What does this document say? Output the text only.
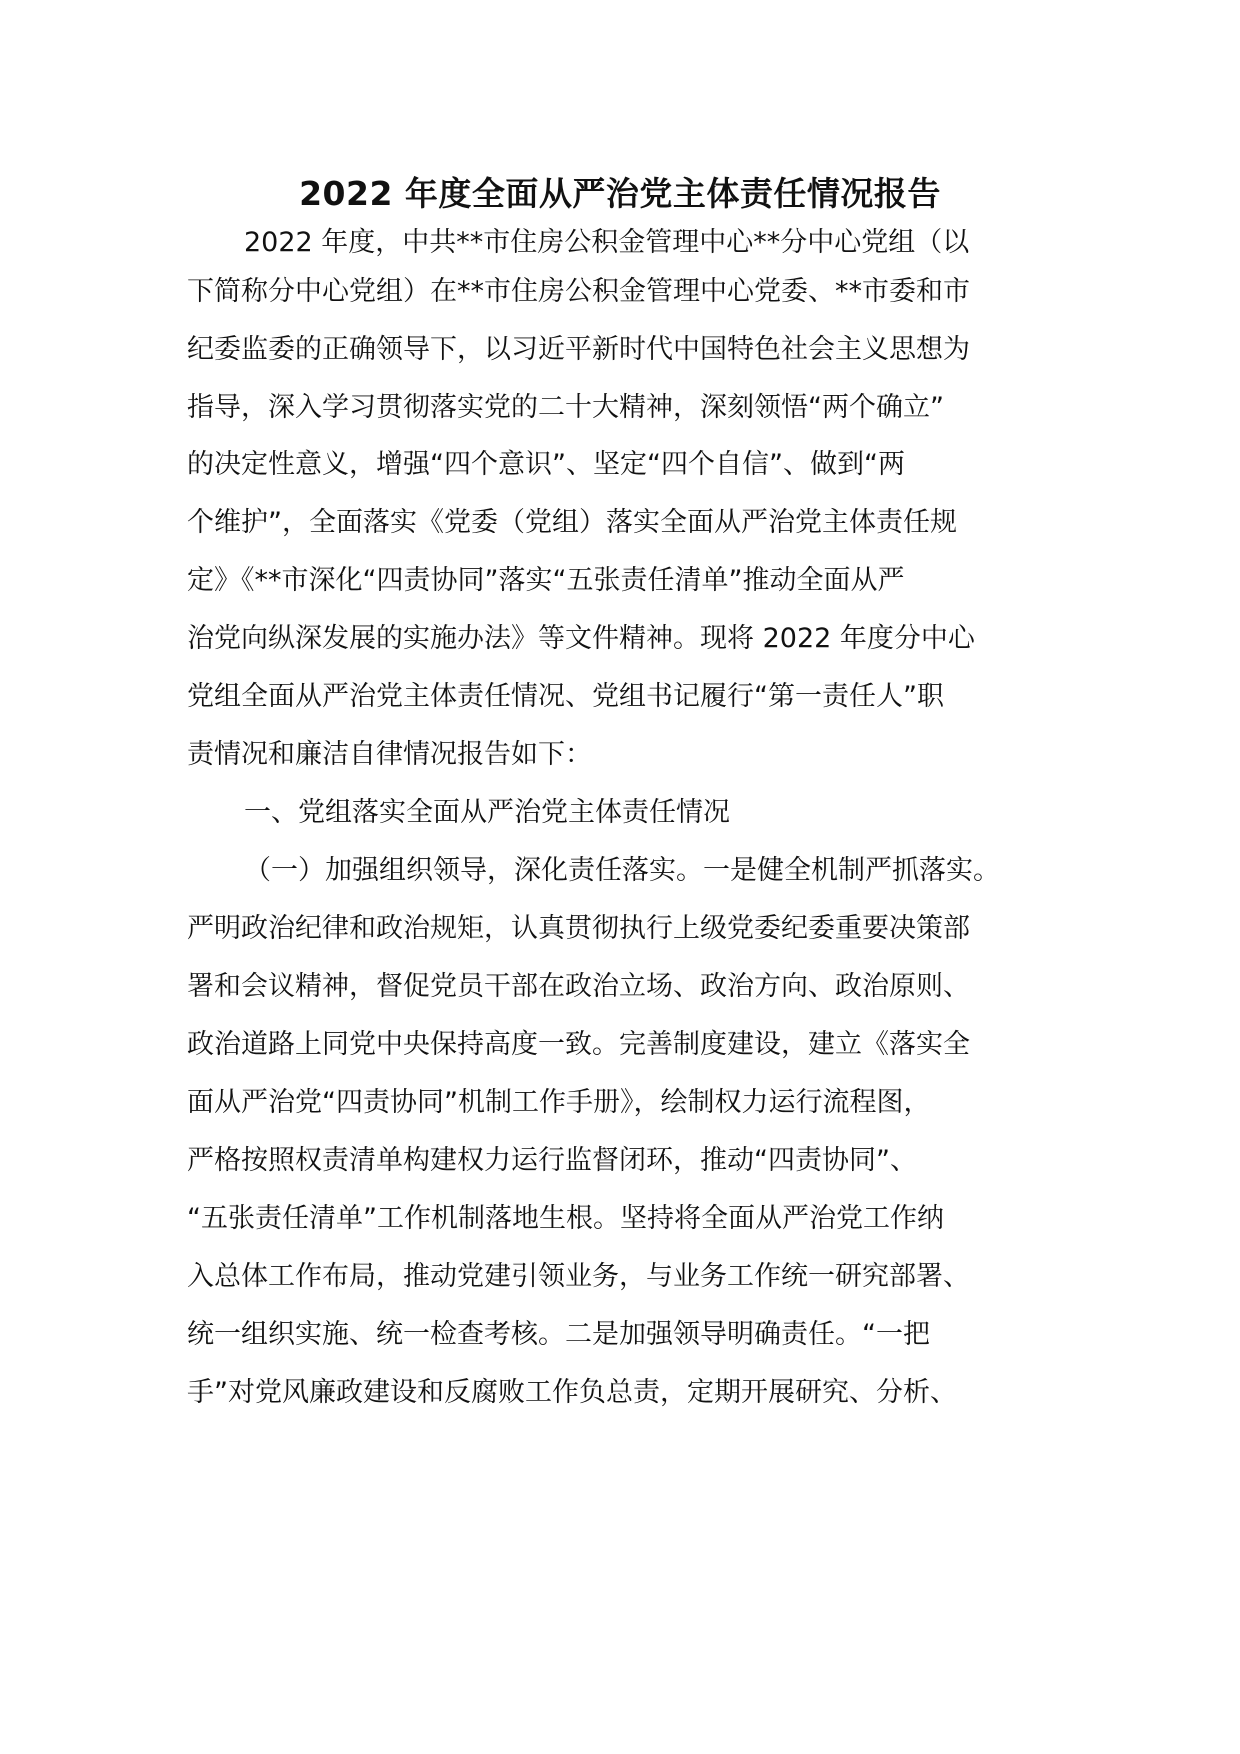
2022 年度全面从严治党主体责任情况报告

2022 年度，中共**市住房公积金管理中心**分中心党组（以

下简称分中心党组）在**市住房公积金管理中心党委、**市委和市

纪委监委的正确领导下，以习近平新时代中国特色社会主义思想为

指导，深入学习贯彻落实党的二十大精神，深刻领悟“两个确立”

的决定性意义，增强“四个意识”、坚定“四个自信”、做到“两

个维护”，全面落实《党委（党组）落实全面从严治党主体责任规

定》《**市深化“四责协同”落实“五张责任清单”推动全面从严

治党向纵深发展的实施办法》等文件精神。现将 2022 年度分中心

党组全面从严治党主体责任情况、党组书记履行“第一责任人”职

责情况和廉洁自律情况报告如下：

一、党组落实全面从严治党主体责任情况

（一）加强组织领导，深化责任落实。一是健全机制严抓落实。

严明政治纪律和政治规矩，认真贯彻执行上级党委纪委重要决策部

署和会议精神，督促党员干部在政治立场、政治方向、政治原则、

政治道路上同党中央保持高度一致。完善制度建设，建立《落实全

面从严治党“四责协同”机制工作手册》，绘制权力运行流程图，

严格按照权责清单构建权力运行监督闭环，推动“四责协同”、

“五张责任清单”工作机制落地生根。坚持将全面从严治党工作纳

入总体工作布局，推动党建引领业务，与业务工作统一研究部署、

统一组织实施、统一检查考核。二是加强领导明确责任。“一把

手”对党风廉政建设和反腐败工作负总责，定期开展研究、分析、
